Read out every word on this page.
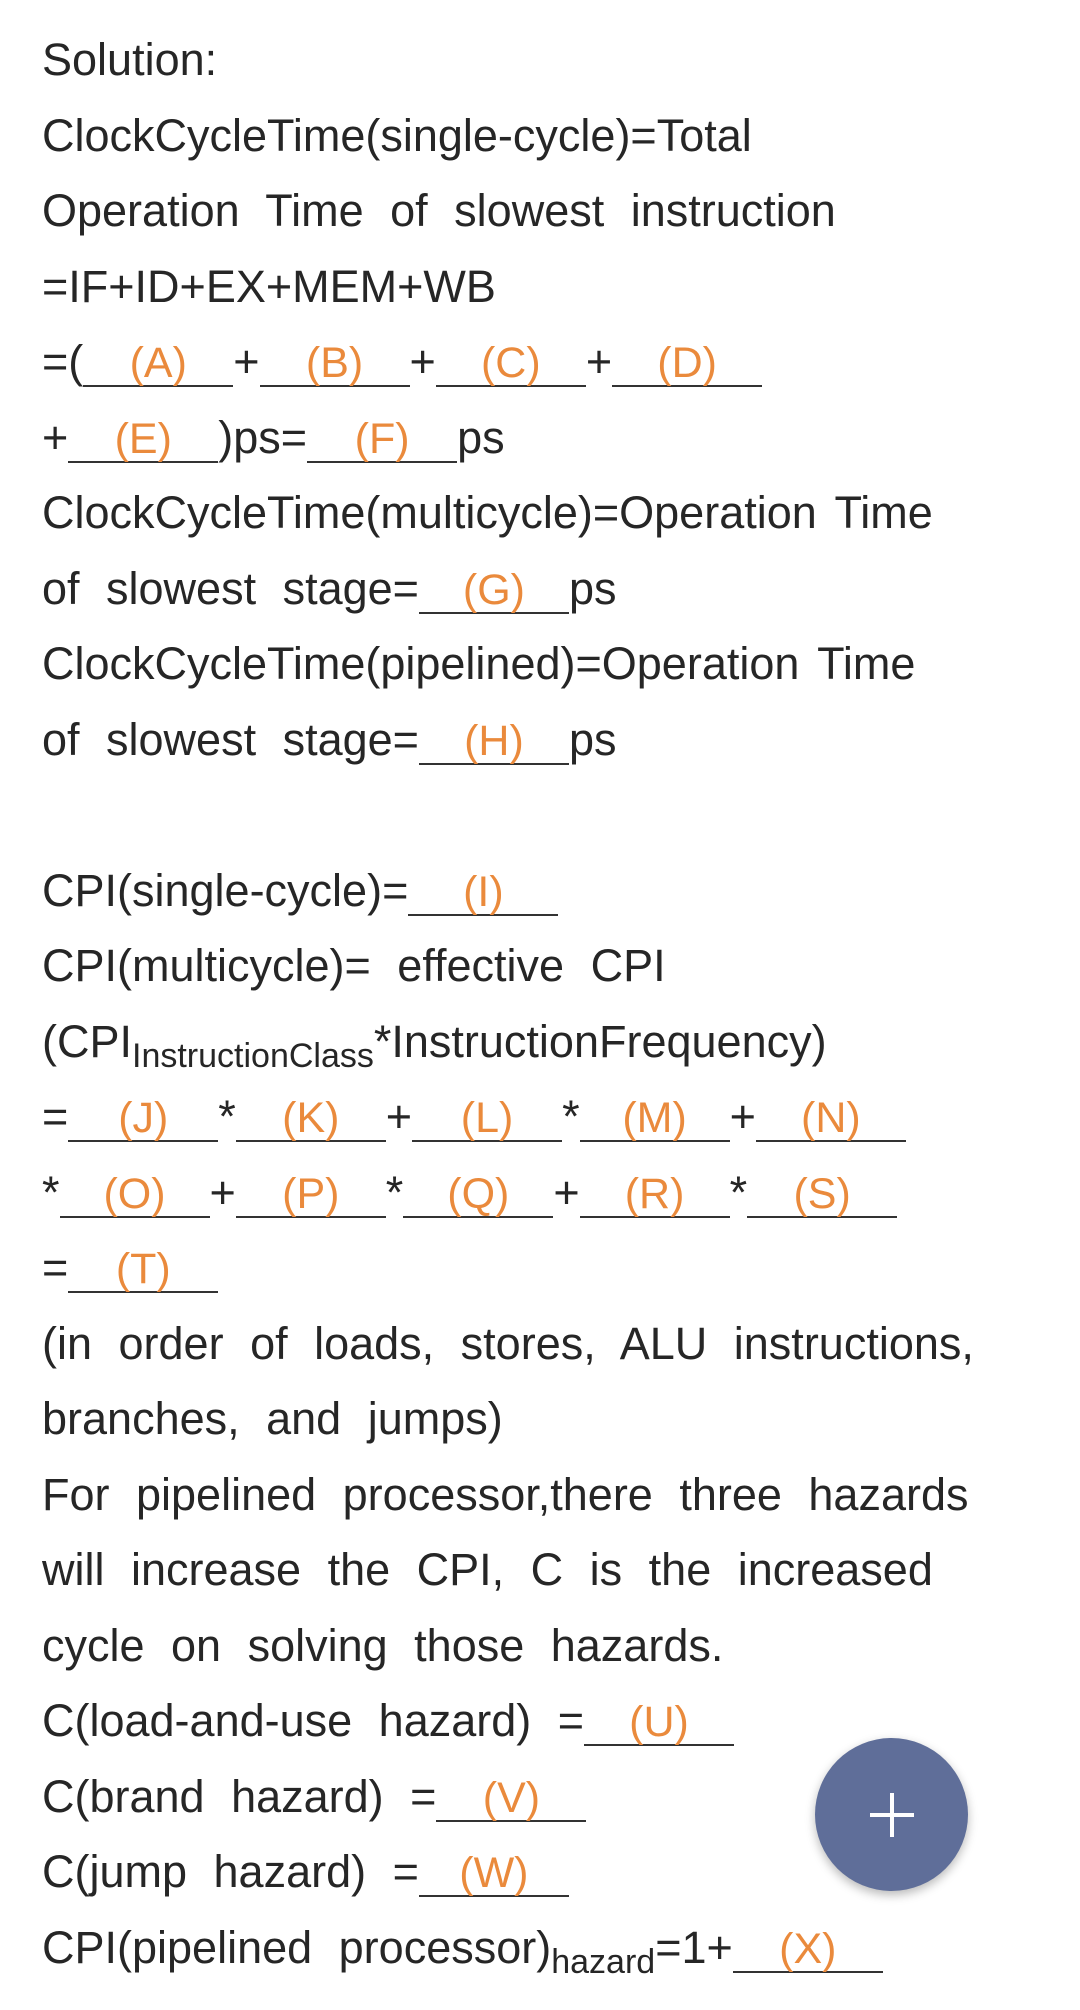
Solution:
ClockCycleTime(single-cycle)=Total
Operation Time of slowest instruction
=IF+ID+EX+MEM+WB
=( (A) + (B) + (C) + (D)
+ (E) )ps= (F) ps
ClockCycleTime(multicycle)=Operation Time
of slowest stage= (G) ps
ClockCycleTime(pipelined)=Operation Time
of slowest stage= (H) ps
CPI(single-cycle)= (I)
CPI(multicycle)= effective CPI
$(CPI_{InstructionClass}*InstructionFrequency)$
= (J) * (K) + (L) * (M) + (N)
* (O) + (P) * (Q) + (R) * (S)
= (T)
(in order of loads, stores, ALU instructions,
branches, and jumps)
For pipelined processor,there three hazards
will increase the CPI, C is the increased
cycle on solving those hazards.
C(load-and-use hazard) = (U)
C(brand hazard) = (V)
C(jump hazard) = (W)
CPI(pipelined $processor)_{hazard}=1+ (X)$
